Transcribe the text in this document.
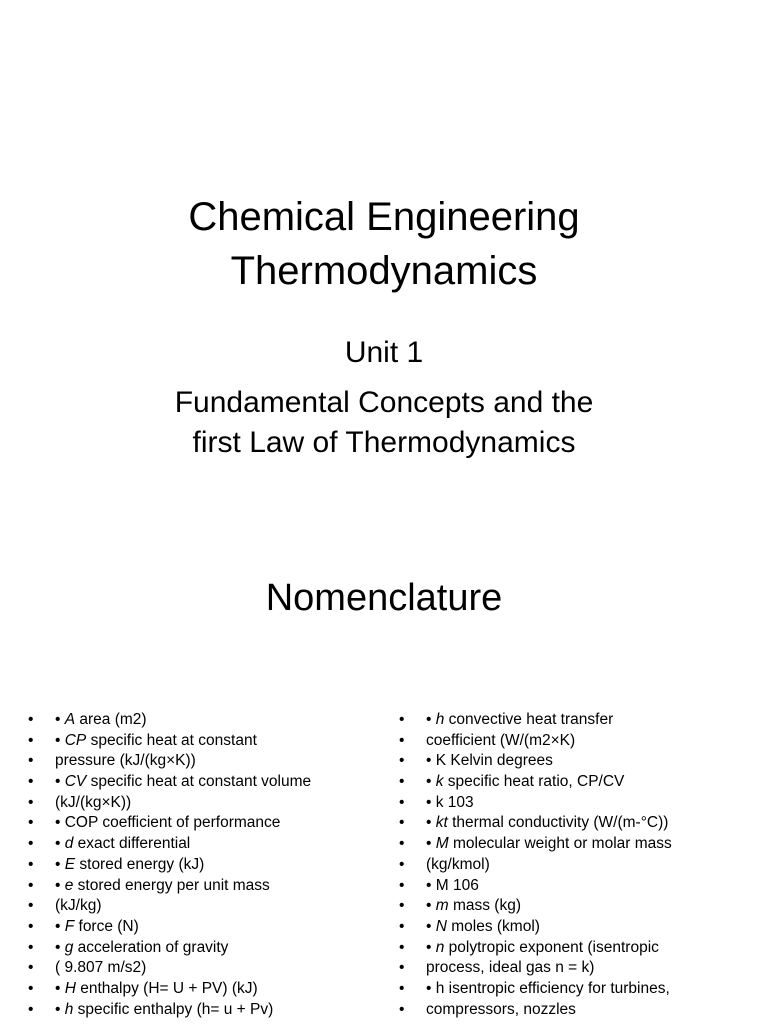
Chemical Engineering
Thermodynamics
Unit 1
Fundamental Concepts and the
first Law of Thermodynamics
Nomenclature
• • A area (m2)
• • CP specific heat at constant
• pressure (kJ/(kg×K))
• • CV specific heat at constant volume
• (kJ/(kg×K))
• • COP coefficient of performance
• • d exact differential
• • E stored energy (kJ)
• • e stored energy per unit mass
• (kJ/kg)
• • F force (N)
• • g acceleration of gravity
• ( 9.807 m/s2)
• • H enthalpy (H= U + PV) (kJ)
• • h specific enthalpy (h= u + Pv)
• • h convective heat transfer
• coefficient (W/(m2×K)
• • K Kelvin degrees
• • k specific heat ratio, CP/CV
• • k 103
• • kt thermal conductivity (W/(m-°C))
• • M molecular weight or molar mass
• (kg/kmol)
• • M 106
• • m mass (kg)
• • N moles (kmol)
• • n polytropic exponent (isentropic
• process, ideal gas n = k)
• • h isentropic efficiency for turbines,
• compressors, nozzles
